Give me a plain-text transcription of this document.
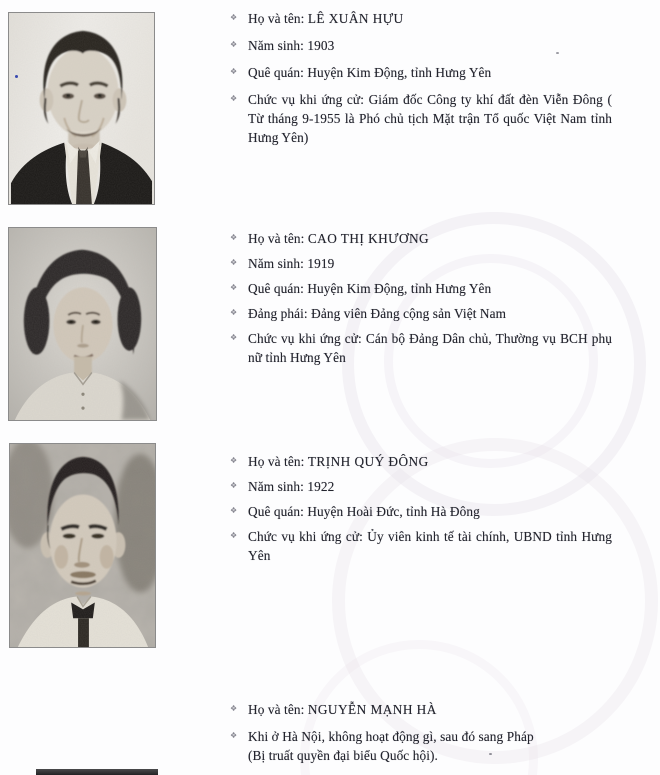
❖ Họ và tên: LÊ XUÂN HỰU
❖ Năm sinh: 1903
❖ Quê quán: Huyện Kim Động, tỉnh Hưng Yên
❖ Chức vụ khi ứng cử: Giám đốc Công ty khí đất đèn Viễn Đông ( Từ tháng 9-1955 là Phó chủ tịch Mặt trận Tổ quốc Việt Nam tỉnh Hưng Yên)
❖ Họ và tên: CAO THỊ KHƯƠNG
❖ Năm sinh: 1919
❖ Quê quán: Huyện Kim Động, tỉnh Hưng Yên
❖ Đảng phái: Đảng viên Đảng cộng sản Việt Nam
❖ Chức vụ khi ứng cử: Cán bộ Đảng Dân chủ, Thường vụ BCH phụ nữ tỉnh Hưng Yên
❖ Họ và tên: TRỊNH QUÝ ĐÔNG
❖ Năm sinh: 1922
❖ Quê quán: Huyện Hoài Đức, tỉnh Hà Đông
❖ Chức vụ khi ứng cử: Ủy viên kinh tế tài chính, UBND tỉnh Hưng Yên
❖ Họ và tên: NGUYỄN MẠNH HÀ
❖ Khi ở Hà Nội, không hoạt động gì, sau đó sang Pháp
(Bị truất quyền đại biểu Quốc hội).
